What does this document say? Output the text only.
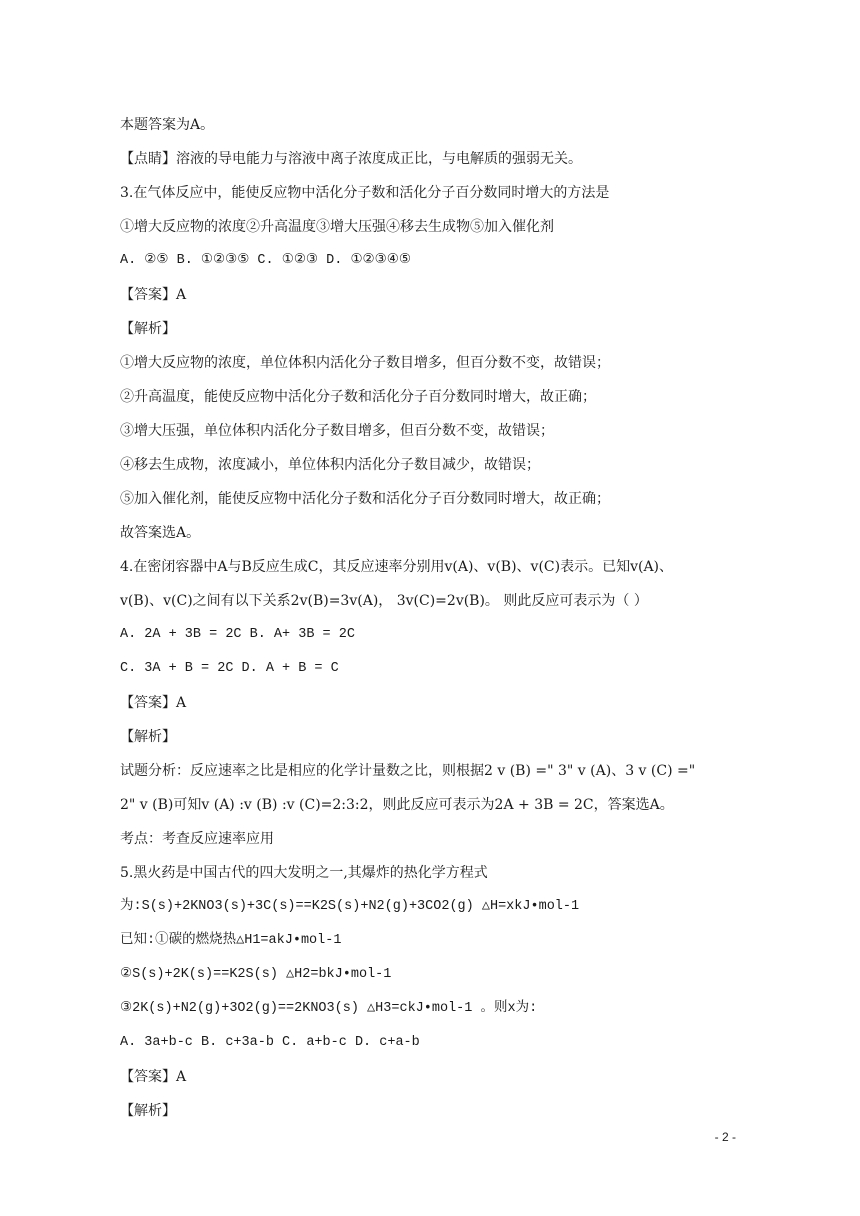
本题答案为A。
【点睛】溶液的导电能力与溶液中离子浓度成正比，与电解质的强弱无关。
3.在气体反应中，能使反应物中活化分子数和活化分子百分数同时增大的方法是
①增大反应物的浓度②升高温度③增大压强④移去生成物⑤加入催化剂
A. ②⑤ B. ①②③⑤ C. ①②③ D. ①②③④⑤
【答案】A
【解析】
①增大反应物的浓度，单位体积内活化分子数目增多，但百分数不变，故错误；
②升高温度，能使反应物中活化分子数和活化分子百分数同时增大，故正确；
③增大压强，单位体积内活化分子数目增多，但百分数不变，故错误；
④移去生成物，浓度减小，单位体积内活化分子数目减少，故错误；
⑤加入催化剂，能使反应物中活化分子数和活化分子百分数同时增大，故正确；
故答案选A。
4.在密闭容器中A与B反应生成C，其反应速率分别用v(A)、v(B)、v(C)表示。已知v(A)、
v(B)、v(C)之间有以下关系2v(B)=3v(A)， 3v(C)=2v(B)。 则此反应可表示为（ ）
A. 2A + 3B = 2C B. A+ 3B = 2C
C. 3A + B = 2C D. A + B = C
【答案】A
【解析】
试题分析：反应速率之比是相应的化学计量数之比，则根据2 v (B) =" 3" v (A)、3 v (C) ="
2" v (B)可知v (A) :v (B) :v (C)=2:3:2，则此反应可表示为2A + 3B = 2C，答案选A。
考点：考查反应速率应用
5.黑火药是中国古代的四大发明之一,其爆炸的热化学方程式
为:S(s)+2KNO3(s)+3C(s)==K2S(s)+N2(g)+3CO2(g) △H=xkJ•mol-1
已知:①碳的燃烧热△H1=akJ•mol-1
②S(s)+2K(s)==K2S(s) △H2=bkJ•mol-1
③2K(s)+N2(g)+3O2(g)==2KNO3(s) △H3=ckJ•mol-1 。则x为:
A. 3a+b-c B. c+3a-b C. a+b-c D. c+a-b
【答案】A
【解析】
- 2 -
